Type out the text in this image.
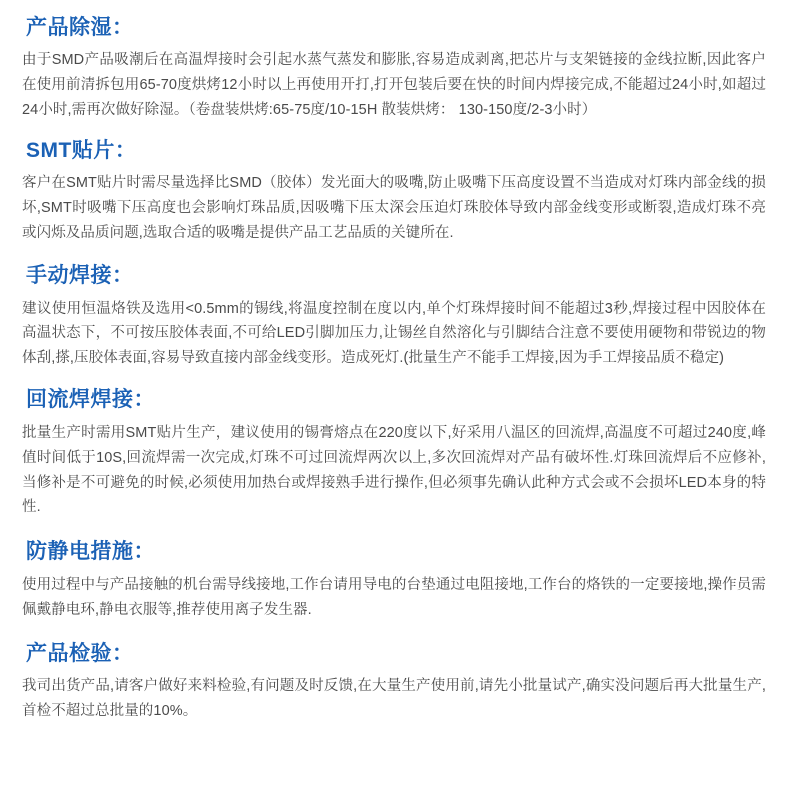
产品除湿：

由于SMD产品吸潮后在高温焊接时会引起水蒸气蒸发和膨胀,容易造成剥离,把芯片与支架链接的金线拉断,因此客户在使用前清拆包用65-70度烘烤12小时以上再使用开打,打开包装后要在快的时间内焊接完成,不能超过24小时,如超过24小时,需再次做好除湿。（卷盘装烘烤:65-75度/10-15H 散装烘烤： 130-150度/2-3小时）

SMT贴片：

客户在SMT贴片时需尽量选择比SMD（胶体）发光面大的吸嘴,防止吸嘴下压高度设置不当造成对灯珠内部金线的损坏,SMT时吸嘴下压高度也会影响灯珠品质,因吸嘴下压太深会压迫灯珠胶体导致内部金线变形或断裂,造成灯珠不亮或闪烁及品质问题,选取合适的吸嘴是提供产品工艺品质的关键所在.

手动焊接：

建议使用恒温烙铁及选用<0.5mm的锡线,将温度控制在度以内,单个灯珠焊接时间不能超过3秒,焊接过程中因胶体在高温状态下，不可按压胶体表面,不可给LED引脚加压力,让锡丝自然溶化与引脚结合注意不要使用硬物和带锐边的物体刮,搽,压胶体表面,容易导致直接内部金线变形。造成死灯.(批量生产不能手工焊接,因为手工焊接品质不稳定)

回流焊焊接：

批量生产时需用SMT贴片生产，建议使用的锡膏熔点在220度以下,好采用八温区的回流焊,高温度不可超过240度,峰值时间低于10S,回流焊需一次完成,灯珠不可过回流焊两次以上,多次回流焊对产品有破坏性.灯珠回流焊后不应修补,当修补是不可避免的时候,必须使用加热台或焊接熟手进行操作,但必须事先确认此种方式会或不会损坏LED本身的特性.

防静电措施：

使用过程中与产品接触的机台需导线接地,工作台请用导电的台垫通过电阻接地,工作台的烙铁的一定要接地,操作员需佩戴静电环,静电衣服等,推荐使用离子发生器.

产品检验：

我司出货产品,请客户做好来料检验,有问题及时反馈,在大量生产使用前,请先小批量试产,确实没问题后再大批量生产,首检不超过总批量的10%。
